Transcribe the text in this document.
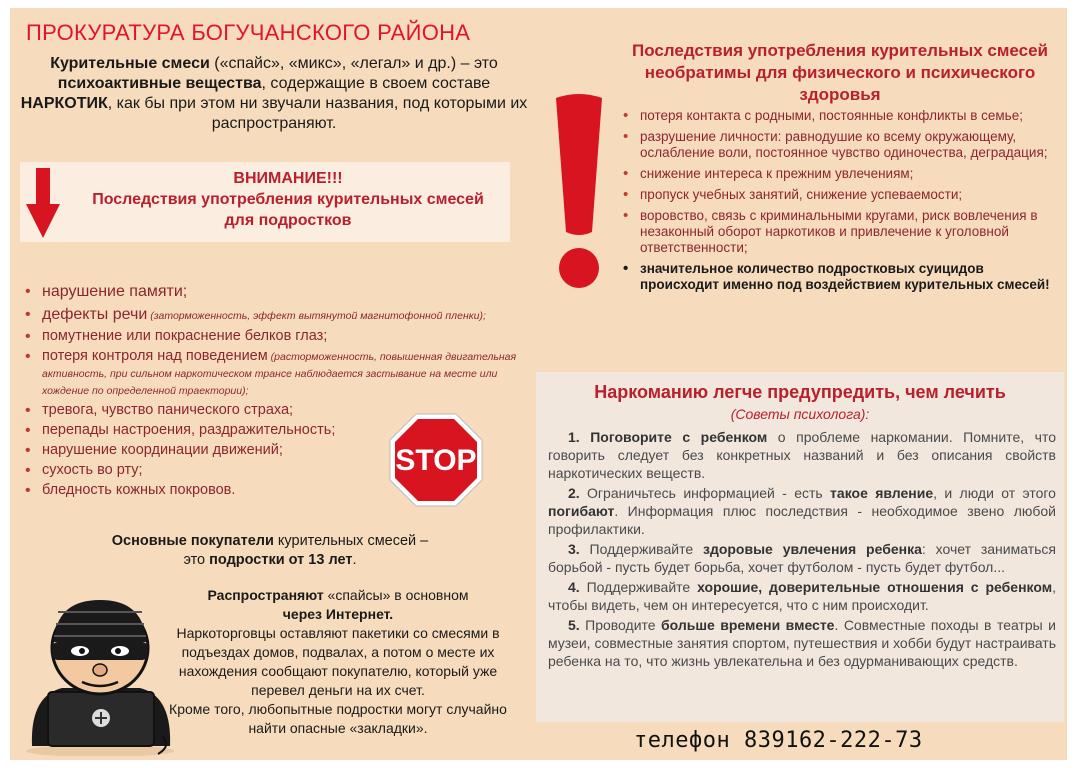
ПРОКУРАТУРА БОГУЧАНСКОГО РАЙОНА
Курительные смеси («спайс», «микс», «легал» и др.) – это психоактивные вещества, содержащие в своем составе НАРКОТИК, как бы при этом ни звучали названия, под которыми их распространяют.
ВНИМАНИЕ!!!
Последствия употребления курительных смесей для подростков
• нарушение памяти;
• дефекты речи (заторможенность, эффект вытянутой магнитофонной пленки);
• помутнение или покраснение белков глаз;
• потеря контроля над поведением (расторможенность, повышенная двигательная активность, при сильном наркотическом трансе наблюдается застывание на месте или хождение по определенной траектории);
• тревога, чувство панического страха;
• перепады настроения, раздражительность;
• нарушение координации движений;
• сухость во рту;
• бледность кожных покровов.
STOP
Основные покупатели курительных смесей –
это подростки от 13 лет.
Распространяют «спайсы» в основном
через Интернет.
Наркоторговцы оставляют пакетики со смесями в подъездах домов, подвалах, а потом о месте их нахождения сообщают покупателю, который уже перевел деньги на их счет.
Кроме того, любопытные подростки могут случайно найти опасные «закладки».
Последствия употребления курительных смесей необратимы для физического и психического здоровья
• потеря контакта с родными, постоянные конфликты в семье;
• разрушение личности: равнодушие ко всему окружающему, ослабление воли, постоянное чувство одиночества, деградация;
• снижение интереса к прежним увлечениям;
• пропуск учебных занятий, снижение успеваемости;
• воровство, связь с криминальными кругами, риск вовлечения в незаконный оборот наркотиков и привлечение к уголовной ответственности;
• значительное количество подростковых суицидов происходит именно под воздействием курительных смесей!
Наркоманию легче предупредить, чем лечить
(Советы психолога):
1. Поговорите с ребенком о проблеме наркомании. Помните, что говорить следует без конкретных названий и без описания свойств наркотических веществ.
2. Ограничьтесь информацией - есть такое явление, и люди от этого погибают. Информация плюс последствия - необходимое звено любой профилактики.
3. Поддерживайте здоровые увлечения ребенка: хочет заниматься борьбой - пусть будет борьба, хочет футболом - пусть будет футбол...
4. Поддерживайте хорошие, доверительные отношения с ребенком, чтобы видеть, чем он интересуется, что с ним происходит.
5. Проводите больше времени вместе. Совместные походы в театры и музеи, совместные занятия спортом, путешествия и хобби будут настраивать ребенка на то, что жизнь увлекательна и без одурманивающих средств.
телефон 839162-222-73
